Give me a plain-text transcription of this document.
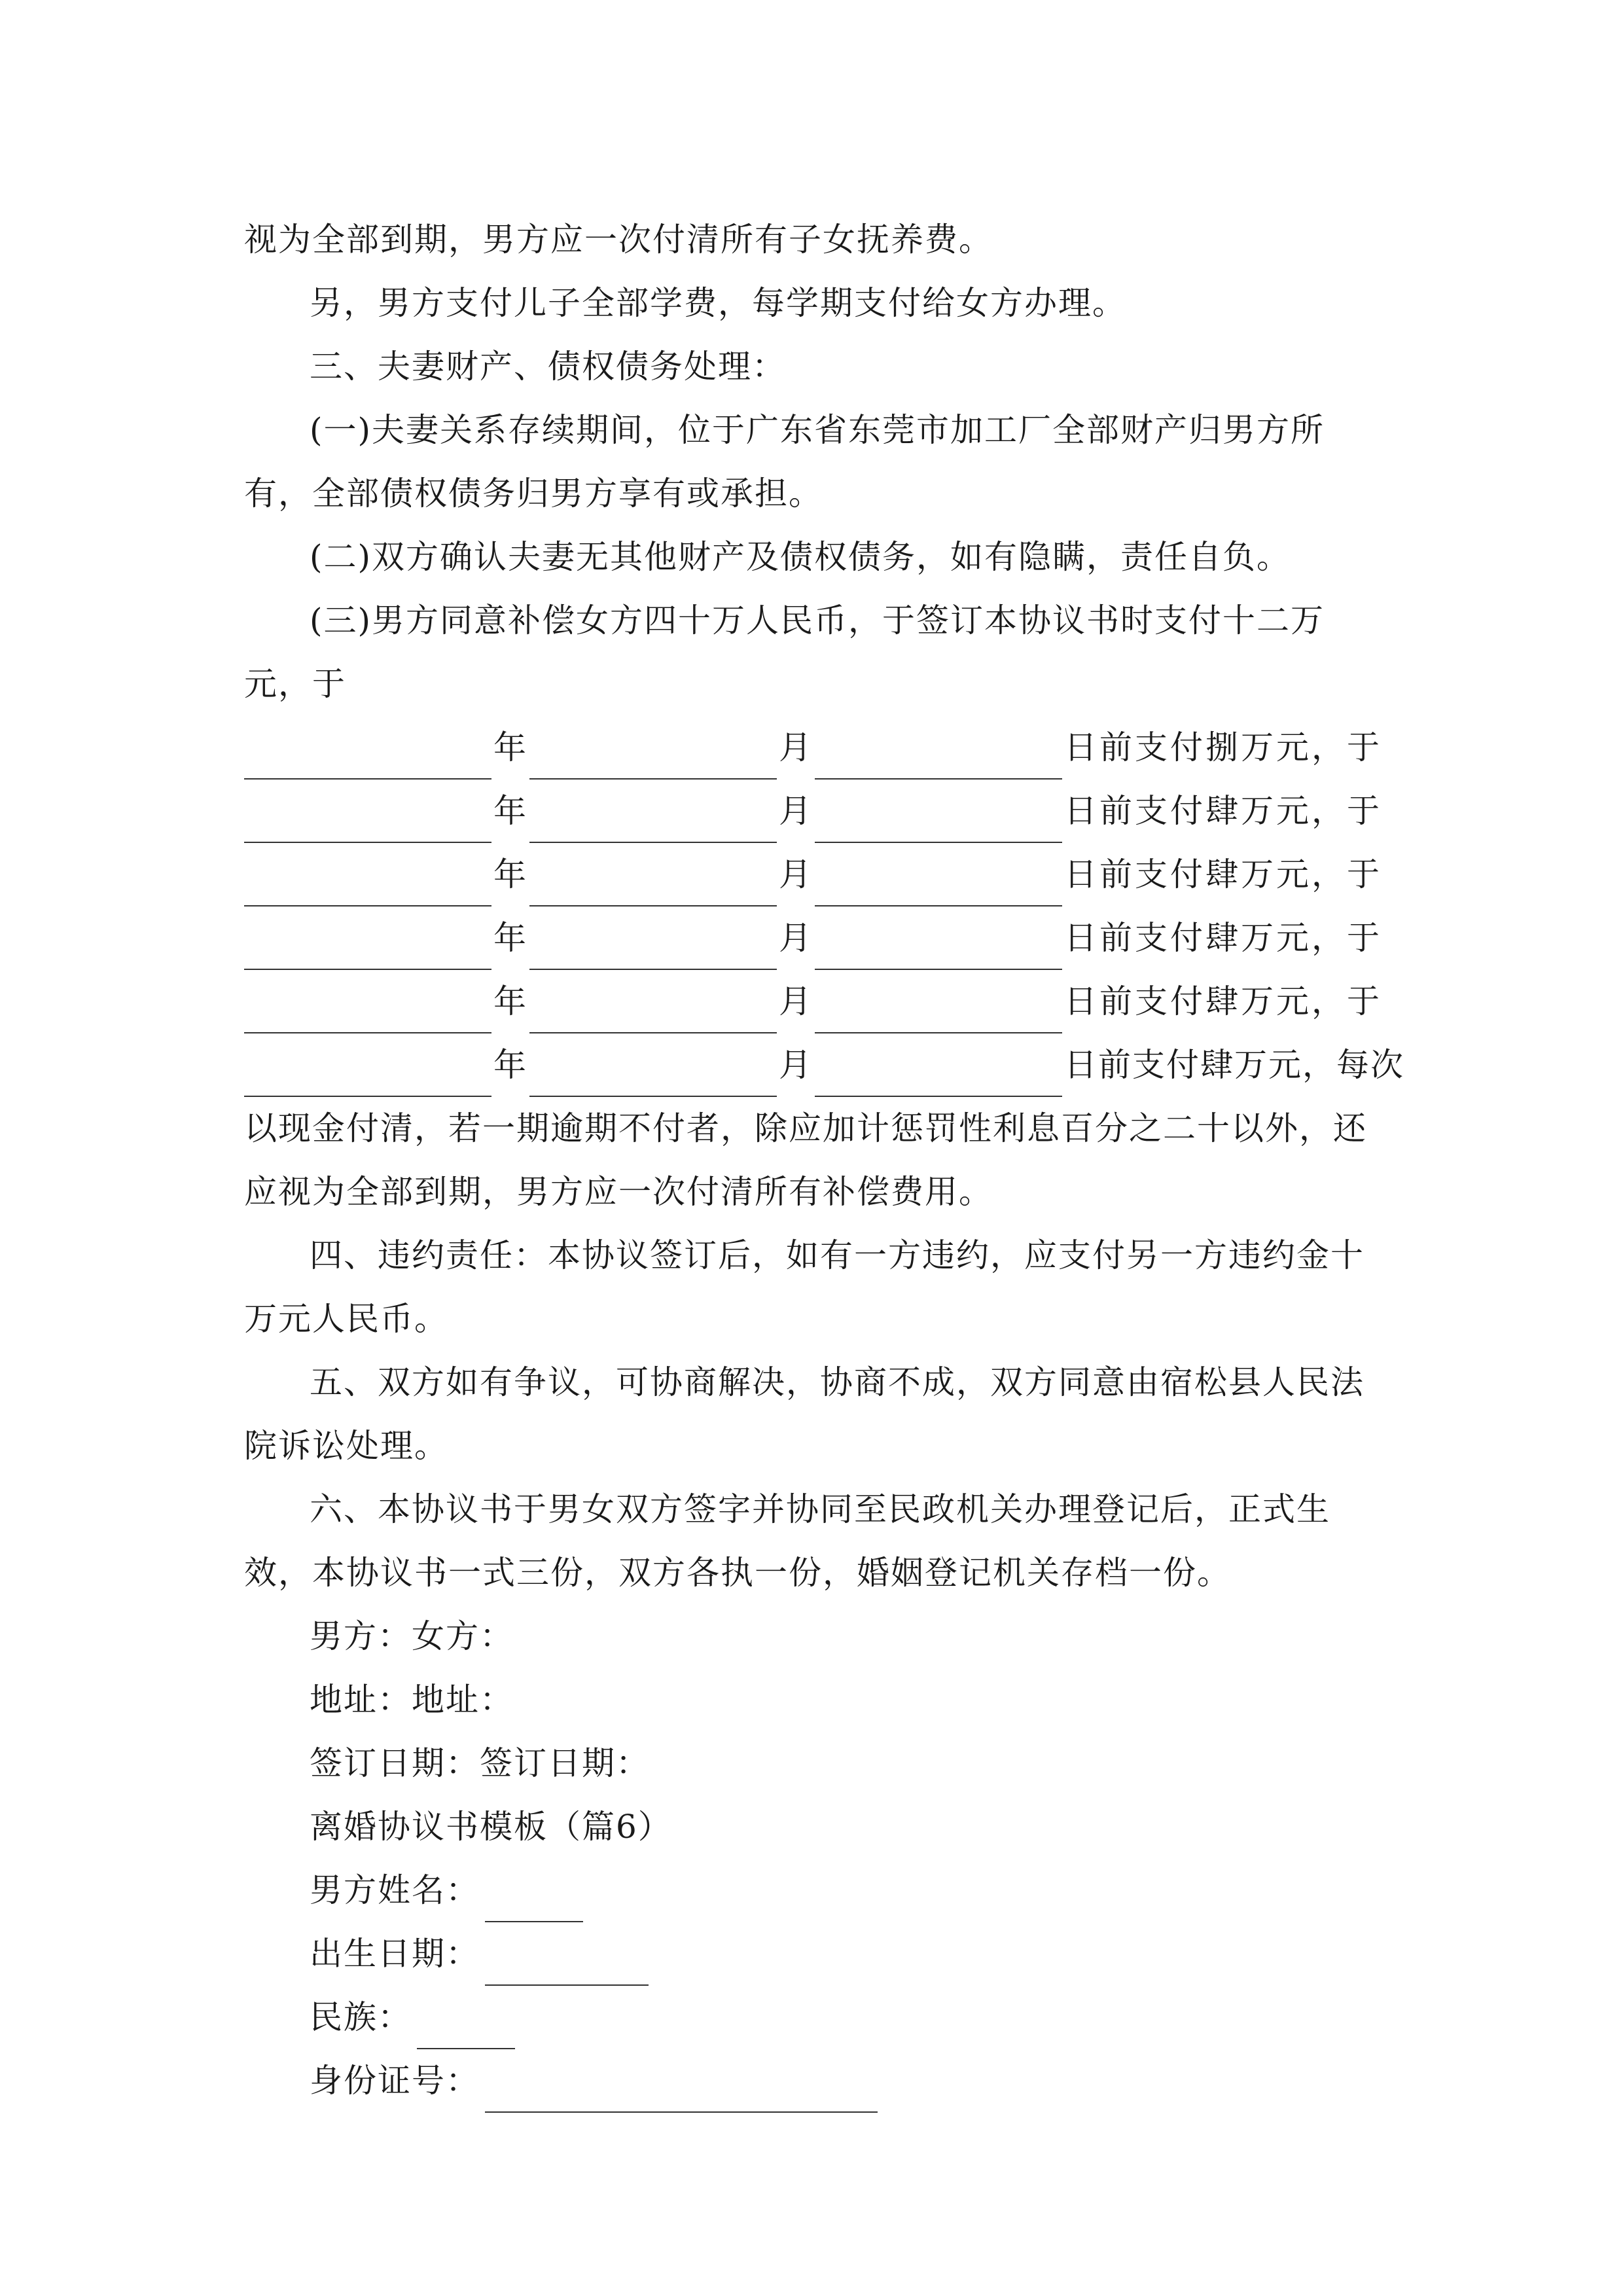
视为全部到期，男方应一次付清所有子女抚养费。

另，男方支付儿子全部学费，每学期支付给女方办理。

三、夫妻财产、债权债务处理：

(一)夫妻关系存续期间，位于广东省东莞市加工厂全部财产归男方所有，全部债权债务归男方享有或承担。

(二)双方确认夫妻无其他财产及债权债务，如有隐瞒，责任自负。

(三)男方同意补偿女方四十万人民币，于签订本协议书时支付十二万元，于

年	月	日前支付捌万元，于
年	月	日前支付肆万元，于
年	月	日前支付肆万元，于
年	月	日前支付肆万元，于
年	月	日前支付肆万元，于
年	月	日前支付肆万元，每次

以现金付清，若一期逾期不付者，除应加计惩罚性利息百分之二十以外，还应视为全部到期，男方应一次付清所有补偿费用。

四、违约责任：本协议签订后，如有一方违约，应支付另一方违约金十万元人民币。

五、双方如有争议，可协商解决，协商不成，双方同意由宿松县人民法院诉讼处理。

六、本协议书于男女双方签字并协同至民政机关办理登记后，正式生效，本协议书一式三份，双方各执一份，婚姻登记机关存档一份。

男方：女方：

地址：地址：

签订日期：签订日期：

离婚协议书模板（篇6）

男方姓名：
出生日期：
民族：
身份证号：
